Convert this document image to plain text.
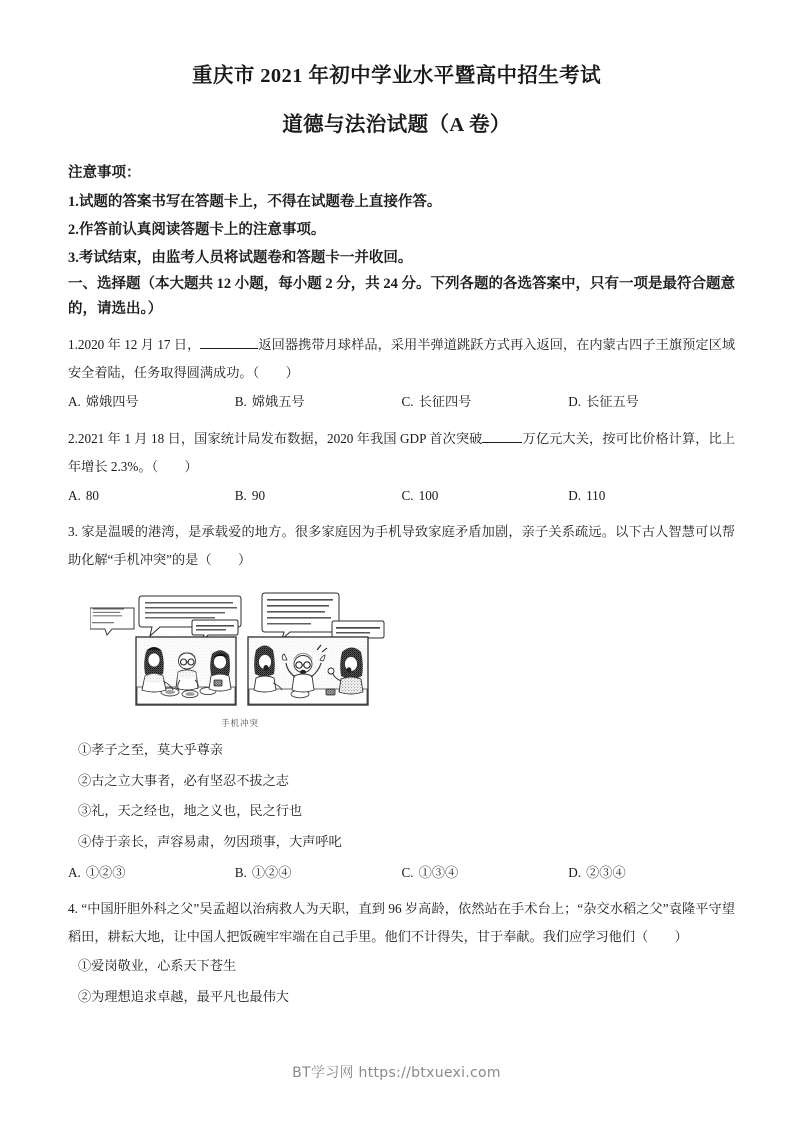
重庆市 2021 年初中学业水平暨高中招生考试
道德与法治试题（A 卷）
注意事项：
1.试题的答案书写在答题卡上，不得在试题卷上直接作答。
2.作答前认真阅读答题卡上的注意事项。
3.考试结束，由监考人员将试题卷和答题卡一并收回。
一、选择题（本大题共 12 小题，每小题 2 分，共 24 分。下列各题的各选答案中，只有一项是最符合题意的，请选出。）
1.2020 年 12 月 17 日，	返回器携带月球样品，采用半弹道跳跃方式再入返回，在内蒙古四子王旗预定区域安全着陆，任务取得圆满成功。（　　）
A. 嫦娥四号	B. 嫦娥五号	C. 长征四号	D. 长征五号
2.2021 年 1 月 18 日，国家统计局发布数据，2020 年我国 GDP 首次突破	万亿元大关，按可比价格计算，比上年增长 2.3%。（　　）
A. 80	B. 90	C. 100	D. 110
3. 家是温暖的港湾，是承载爱的地方。很多家庭因为手机导致家庭矛盾加剧，亲子关系疏远。以下古人智慧可以帮助化解“手机冲突”的是（　　）
手机冲突
①孝子之至，莫大乎尊亲
②古之立大事者，必有坚忍不拔之志
③礼，天之经也，地之义也，民之行也
④侍于亲长，声容易肃，勿因琐事，大声呼叱
A. ①②③	B. ①②④	C. ①③④	D. ②③④
4. “中国肝胆外科之父”吴孟超以治病救人为天职，直到 96 岁高龄，依然站在手术台上；“杂交水稻之父”袁隆平守望稻田，耕耘大地，让中国人把饭碗牢牢端在自己手里。他们不计得失，甘于奉献。我们应学习他们（　　）
①爱岗敬业，心系天下苍生
②为理想追求卓越，最平凡也最伟大
BT学习网 https://btxuexi.com
